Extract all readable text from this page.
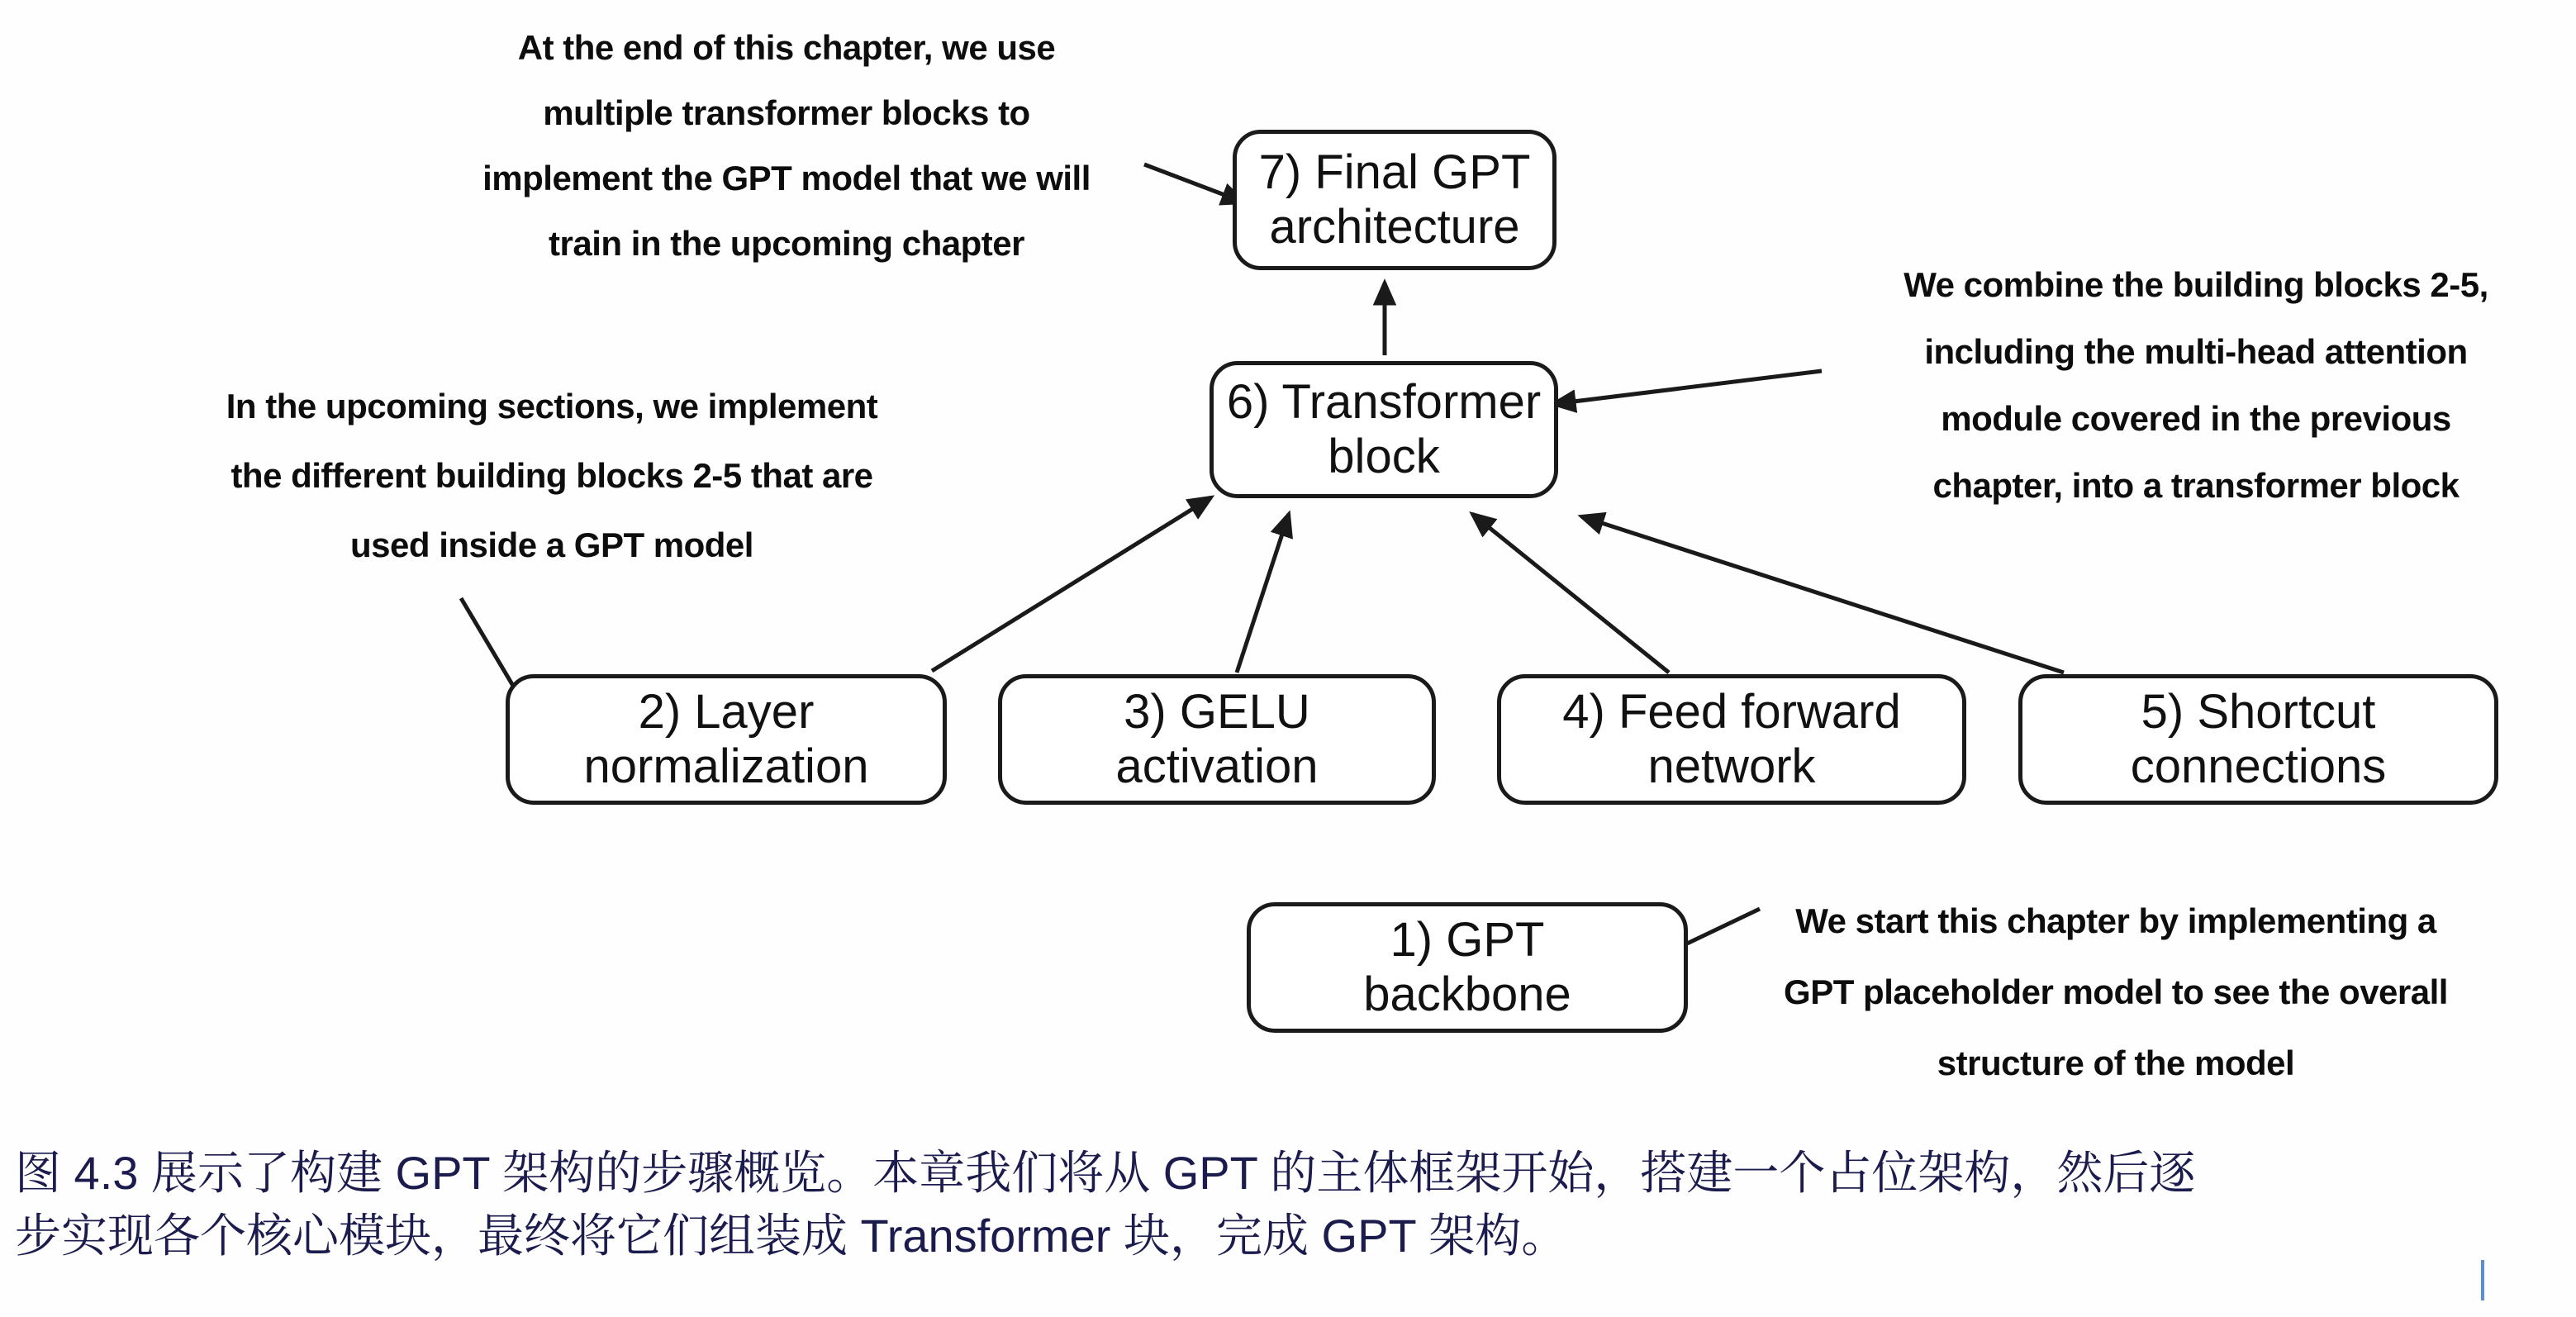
At the end of this chapter, we use
multiple transformer blocks to
implement the GPT model that we will
train in the upcoming chapter
In the upcoming sections, we implement
the different building blocks 2-5 that are
used inside a GPT model
We combine the building blocks 2-5,
including the multi-head attention
module covered in the previous
chapter, into a transformer block
We start this chapter by implementing a
GPT placeholder model to see the overall
structure of the model
7) Final GPT
architecture
6) Transformer
block
2) Layer
normalization
3) GELU
activation
4) Feed forward
network
5) Shortcut
connections
1) GPT
backbone
图 4.3 展示了构建 GPT 架构的步骤概览。本章我们将从 GPT 的主体框架开始，搭建一个占位架构，然后逐
步实现各个核心模块，最终将它们组装成 Transformer 块，完成 GPT 架构。
